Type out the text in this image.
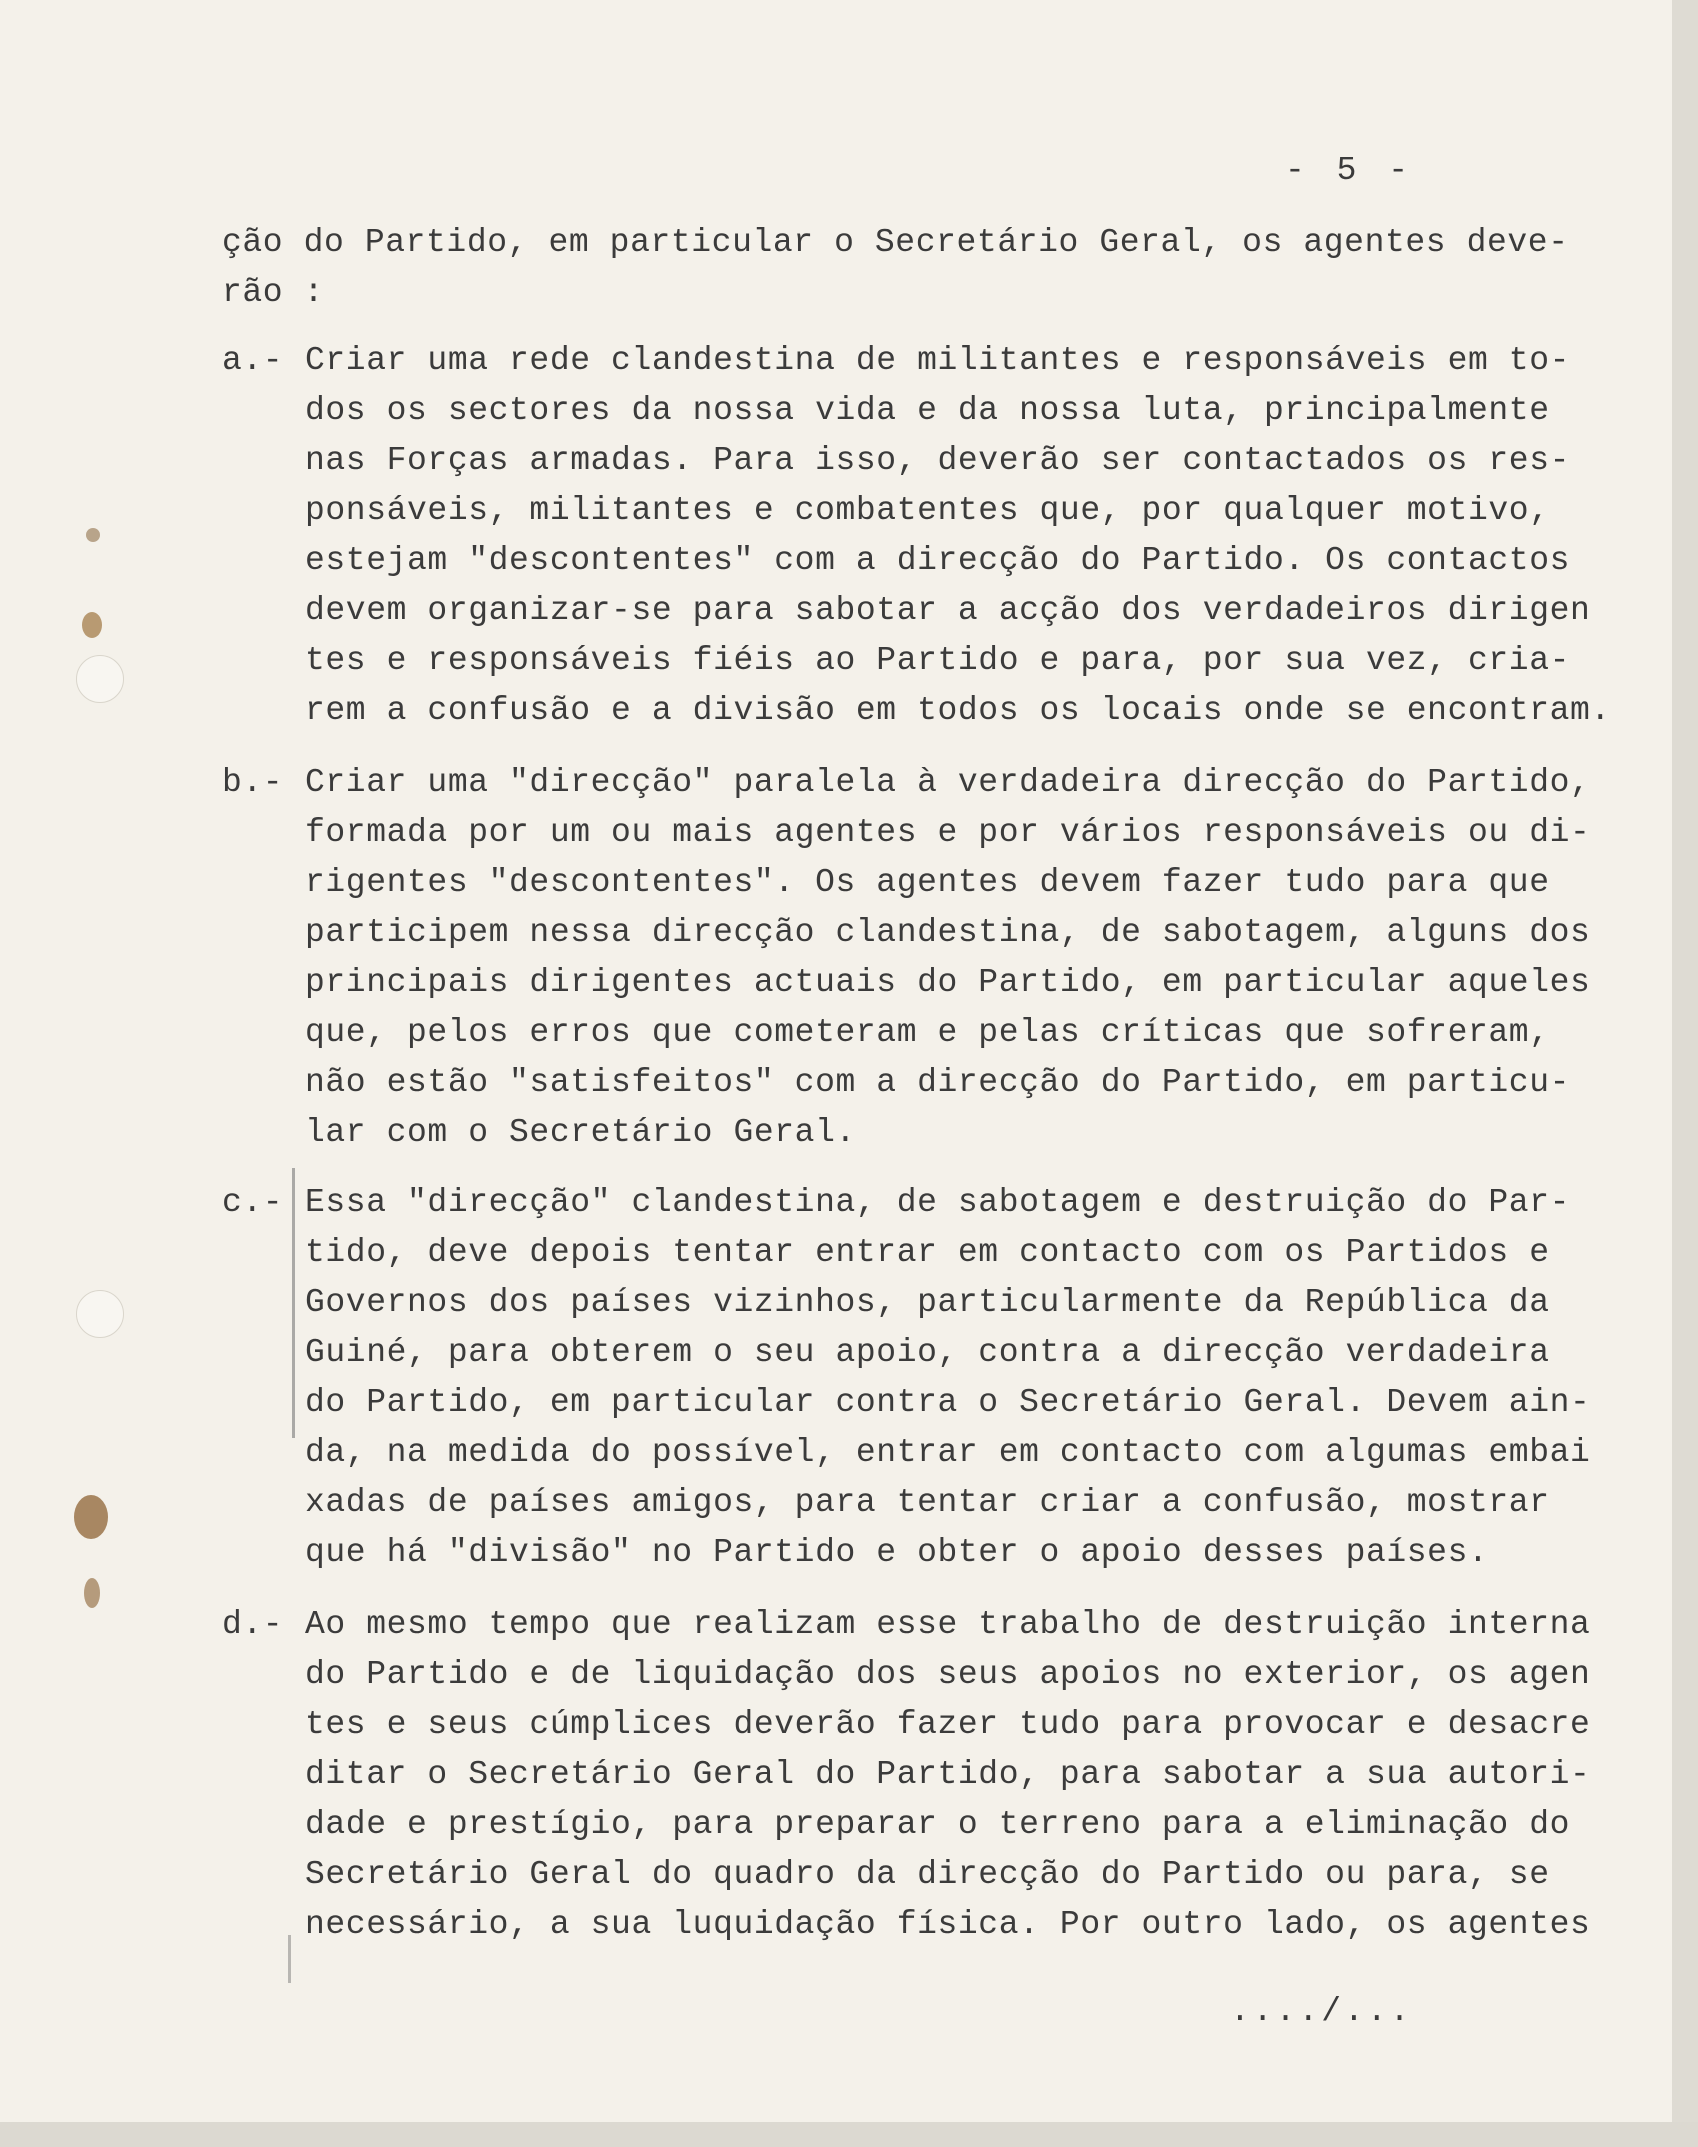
- 5 -
ção do Partido, em particular o Secretário Geral, os agentes deve-
rão :
a.- Criar uma rede clandestina de militantes e responsáveis em to-
dos os sectores da nossa vida e da nossa luta, principalmente
nas Forças armadas. Para isso, deverão ser contactados os res-
ponsáveis, militantes e combatentes que, por qualquer motivo,
estejam "descontentes" com a direcção do Partido. Os contactos
devem organizar-se para sabotar a acção dos verdadeiros dirigen
tes e responsáveis fiéis ao Partido e para, por sua vez, cria-
rem a confusão e a divisão em todos os locais onde se encontram.
b.- Criar uma "direcção" paralela à verdadeira direcção do Partido,
formada por um ou mais agentes e por vários responsáveis ou di-
rigentes "descontentes". Os agentes devem fazer tudo para que
participem nessa direcção clandestina, de sabotagem, alguns dos
principais dirigentes actuais do Partido, em particular aqueles
que, pelos erros que cometeram e pelas críticas que sofreram,
não estão "satisfeitos" com a direcção do Partido, em particu-
lar com o Secretário Geral.
c.- Essa "direcção" clandestina, de sabotagem e destruição do Par-
tido, deve depois tentar entrar em contacto com os Partidos e
Governos dos países vizinhos, particularmente da República da
Guiné, para obterem o seu apoio, contra a direcção verdadeira
do Partido, em particular contra o Secretário Geral. Devem ain-
da, na medida do possível, entrar em contacto com algumas embai
xadas de países amigos, para tentar criar a confusão, mostrar
que há "divisão" no Partido e obter o apoio desses países.
d.- Ao mesmo tempo que realizam esse trabalho de destruição interna
do Partido e de liquidação dos seus apoios no exterior, os agen
tes e seus cúmplices deverão fazer tudo para provocar e desacre
ditar o Secretário Geral do Partido, para sabotar a sua autori-
dade e prestígio, para preparar o terreno para a eliminação do
Secretário Geral do quadro da direcção do Partido ou para, se
necessário, a sua luquidação física. Por outro lado, os agentes
..../...
